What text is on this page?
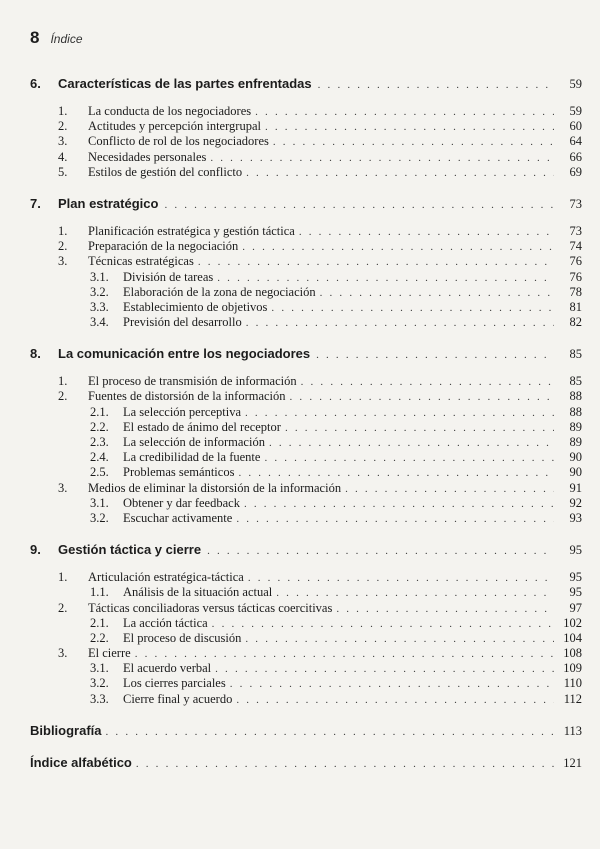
8 Índice
6.	Características de las partes enfrentadas . . .	59
1.	La conducta de los negociadores . . .	59
2.	Actitudes y percepción intergrupal . . .	60
3.	Conflicto de rol de los negociadores . . .	64
4.	Necesidades personales . . .	66
5.	Estilos de gestión del conflicto . . .	69
7.	Plan estratégico . . .	73
1.	Planificación estratégica y gestión táctica . . .	73
2.	Preparación de la negociación . . .	74
3.	Técnicas estratégicas . . .	76
3.1.	División de tareas . . .	76
3.2.	Elaboración de la zona de negociación . . .	78
3.3.	Establecimiento de objetivos . . .	81
3.4.	Previsión del desarrollo . . .	82
8.	La comunicación entre los negociadores . . .	85
1.	El proceso de transmisión de información . . .	85
2.	Fuentes de distorsión de la información . . .	88
2.1.	La selección perceptiva . . .	88
2.2.	El estado de ánimo del receptor . . .	89
2.3.	La selección de información . . .	89
2.4.	La credibilidad de la fuente . . .	90
2.5.	Problemas semánticos . . .	90
3.	Medios de eliminar la distorsión de la información . . .	91
3.1.	Obtener y dar feedback . . .	92
3.2.	Escuchar activamente . . .	93
9.	Gestión táctica y cierre . . .	95
1.	Articulación estratégica-táctica . . .	95
1.1.	Análisis de la situación actual . . .	95
2.	Tácticas conciliadoras versus tácticas coercitivas . . .	97
2.1.	La acción táctica . . .	102
2.2.	El proceso de discusión . . .	104
3.	El cierre . . .	108
3.1.	El acuerdo verbal . . .	109
3.2.	Los cierres parciales . . .	110
3.3.	Cierre final y acuerdo . . .	112
Bibliografía . . .	113
Índice alfabético . . .	121
